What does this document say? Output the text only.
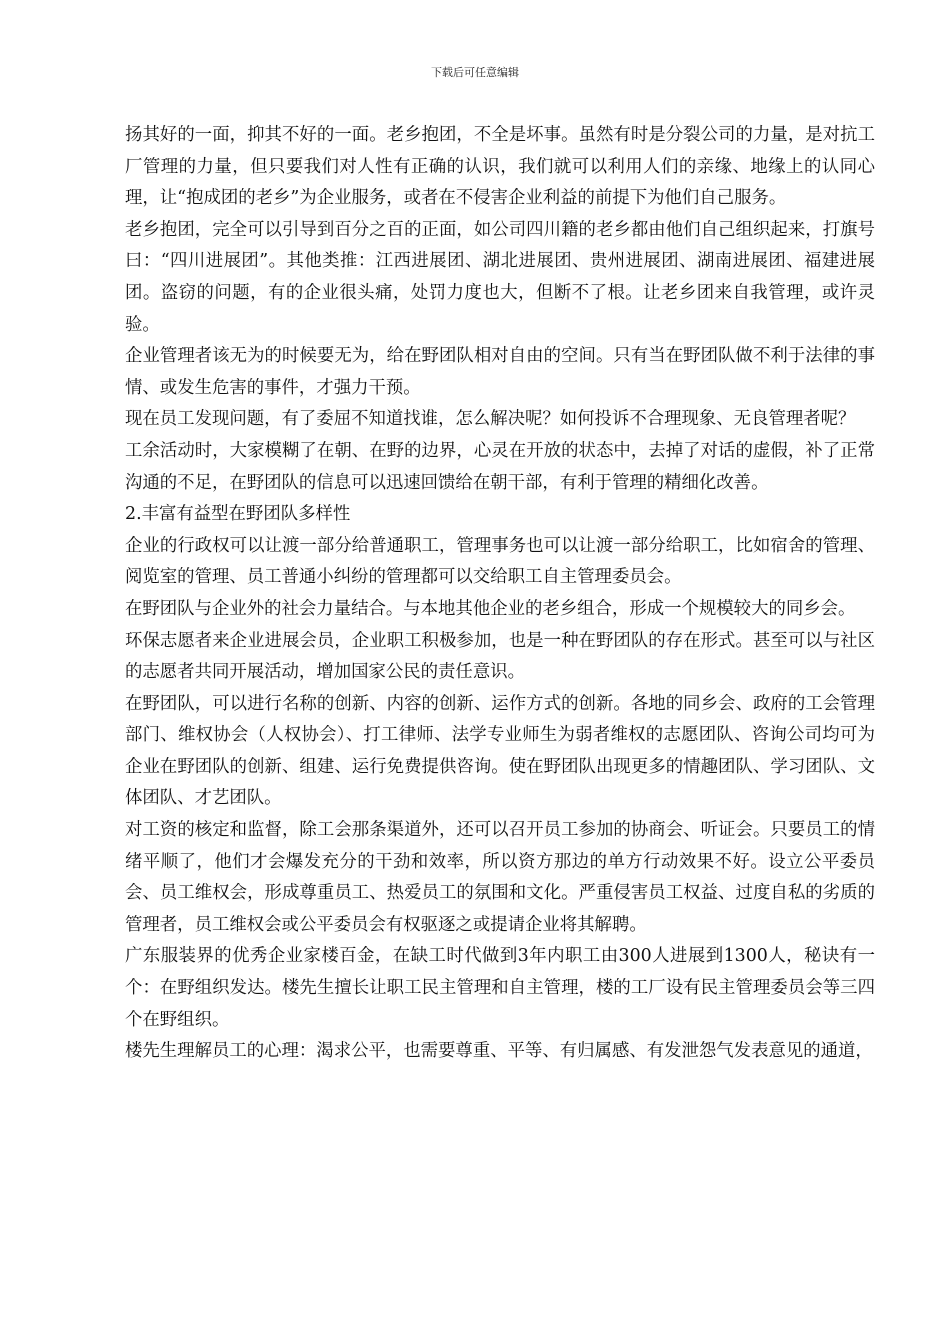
下载后可任意编辑

扬其好的一面，抑其不好的一面。老乡抱团，不全是坏事。虽然有时是分裂公司的力量，是对抗工厂管理的力量，但只要我们对人性有正确的认识，我们就可以利用人们的亲缘、地缘上的认同心理，让“抱成团的老乡”为企业服务，或者在不侵害企业利益的前提下为他们自己服务。

老乡抱团，完全可以引导到百分之百的正面，如公司四川籍的老乡都由他们自己组织起来，打旗号曰：“四川进展团”。其他类推：江西进展团、湖北进展团、贵州进展团、湖南进展团、福建进展团。盗窃的问题，有的企业很头痛，处罚力度也大，但断不了根。让老乡团来自我管理，或许灵验。

企业管理者该无为的时候要无为，给在野团队相对自由的空间。只有当在野团队做不利于法律的事情、或发生危害的事件，才强力干预。

现在员工发现问题，有了委屈不知道找谁，怎么解决呢？如何投诉不合理现象、无良管理者呢？

工余活动时，大家模糊了在朝、在野的边界，心灵在开放的状态中，去掉了对话的虚假，补了正常沟通的不足，在野团队的信息可以迅速回馈给在朝干部，有利于管理的精细化改善。

2.丰富有益型在野团队多样性

企业的行政权可以让渡一部分给普通职工，管理事务也可以让渡一部分给职工，比如宿舍的管理、阅览室的管理、员工普通小纠纷的管理都可以交给职工自主管理委员会。

在野团队与企业外的社会力量结合。与本地其他企业的老乡组合，形成一个规模较大的同乡会。

环保志愿者来企业进展会员，企业职工积极参加，也是一种在野团队的存在形式。甚至可以与社区的志愿者共同开展活动，增加国家公民的责任意识。

在野团队，可以进行名称的创新、内容的创新、运作方式的创新。各地的同乡会、政府的工会管理部门、维权协会（人权协会）、打工律师、法学专业师生为弱者维权的志愿团队、咨询公司均可为企业在野团队的创新、组建、运行免费提供咨询。使在野团队出现更多的情趣团队、学习团队、文体团队、才艺团队。

对工资的核定和监督，除工会那条渠道外，还可以召开员工参加的协商会、听证会。只要员工的情绪平顺了，他们才会爆发充分的干劲和效率，所以资方那边的单方行动效果不好。设立公平委员会、员工维权会，形成尊重员工、热爱员工的氛围和文化。严重侵害员工权益、过度自私的劣质的管理者，员工维权会或公平委员会有权驱逐之或提请企业将其解聘。

广东服装界的优秀企业家楼百金，在缺工时代做到3年内职工由300人进展到1300人，秘诀有一个：在野组织发达。楼先生擅长让职工民主管理和自主管理，楼的工厂设有民主管理委员会等三四个在野组织。

楼先生理解员工的心理：渴求公平，也需要尊重、平等、有归属感、有发泄怨气发表意见的通道，
